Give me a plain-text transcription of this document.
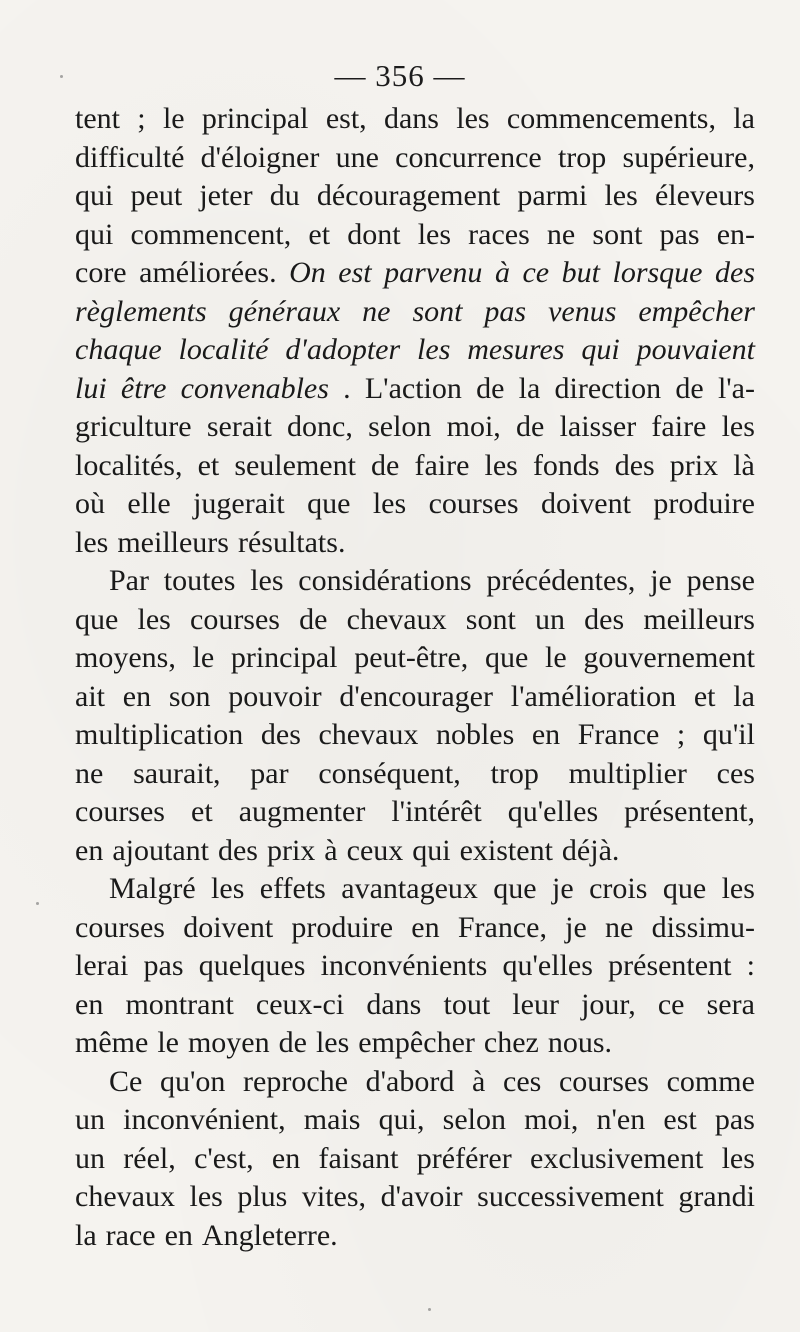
— 356 —
tent ; le principal est, dans les commencements, la
difficulté d'éloigner une concurrence trop supérieure,
qui peut jeter du découragement parmi les éleveurs
qui commencent, et dont les races ne sont pas en-
core améliorées. On est parvenu à ce but lorsque des
règlements généraux ne sont pas venus empêcher
chaque localité d'adopter les mesures qui pouvaient
lui être convenables . L'action de la direction de l'a-
griculture serait donc, selon moi, de laisser faire les
localités, et seulement de faire les fonds des prix là
où elle jugerait que les courses doivent produire
les meilleurs résultats.
Par toutes les considérations précédentes, je pense
que les courses de chevaux sont un des meilleurs
moyens, le principal peut-être, que le gouvernement
ait en son pouvoir d'encourager l'amélioration et la
multiplication des chevaux nobles en France ; qu'il
ne saurait, par conséquent, trop multiplier ces
courses et augmenter l'intérêt qu'elles présentent,
en ajoutant des prix à ceux qui existent déjà.
Malgré les effets avantageux que je crois que les
courses doivent produire en France, je ne dissimu-
lerai pas quelques inconvénients qu'elles présentent :
en montrant ceux-ci dans tout leur jour, ce sera
même le moyen de les empêcher chez nous.
Ce qu'on reproche d'abord à ces courses comme
un inconvénient, mais qui, selon moi, n'en est pas
un réel, c'est, en faisant préférer exclusivement les
chevaux les plus vites, d'avoir successivement grandi
la race en Angleterre.
